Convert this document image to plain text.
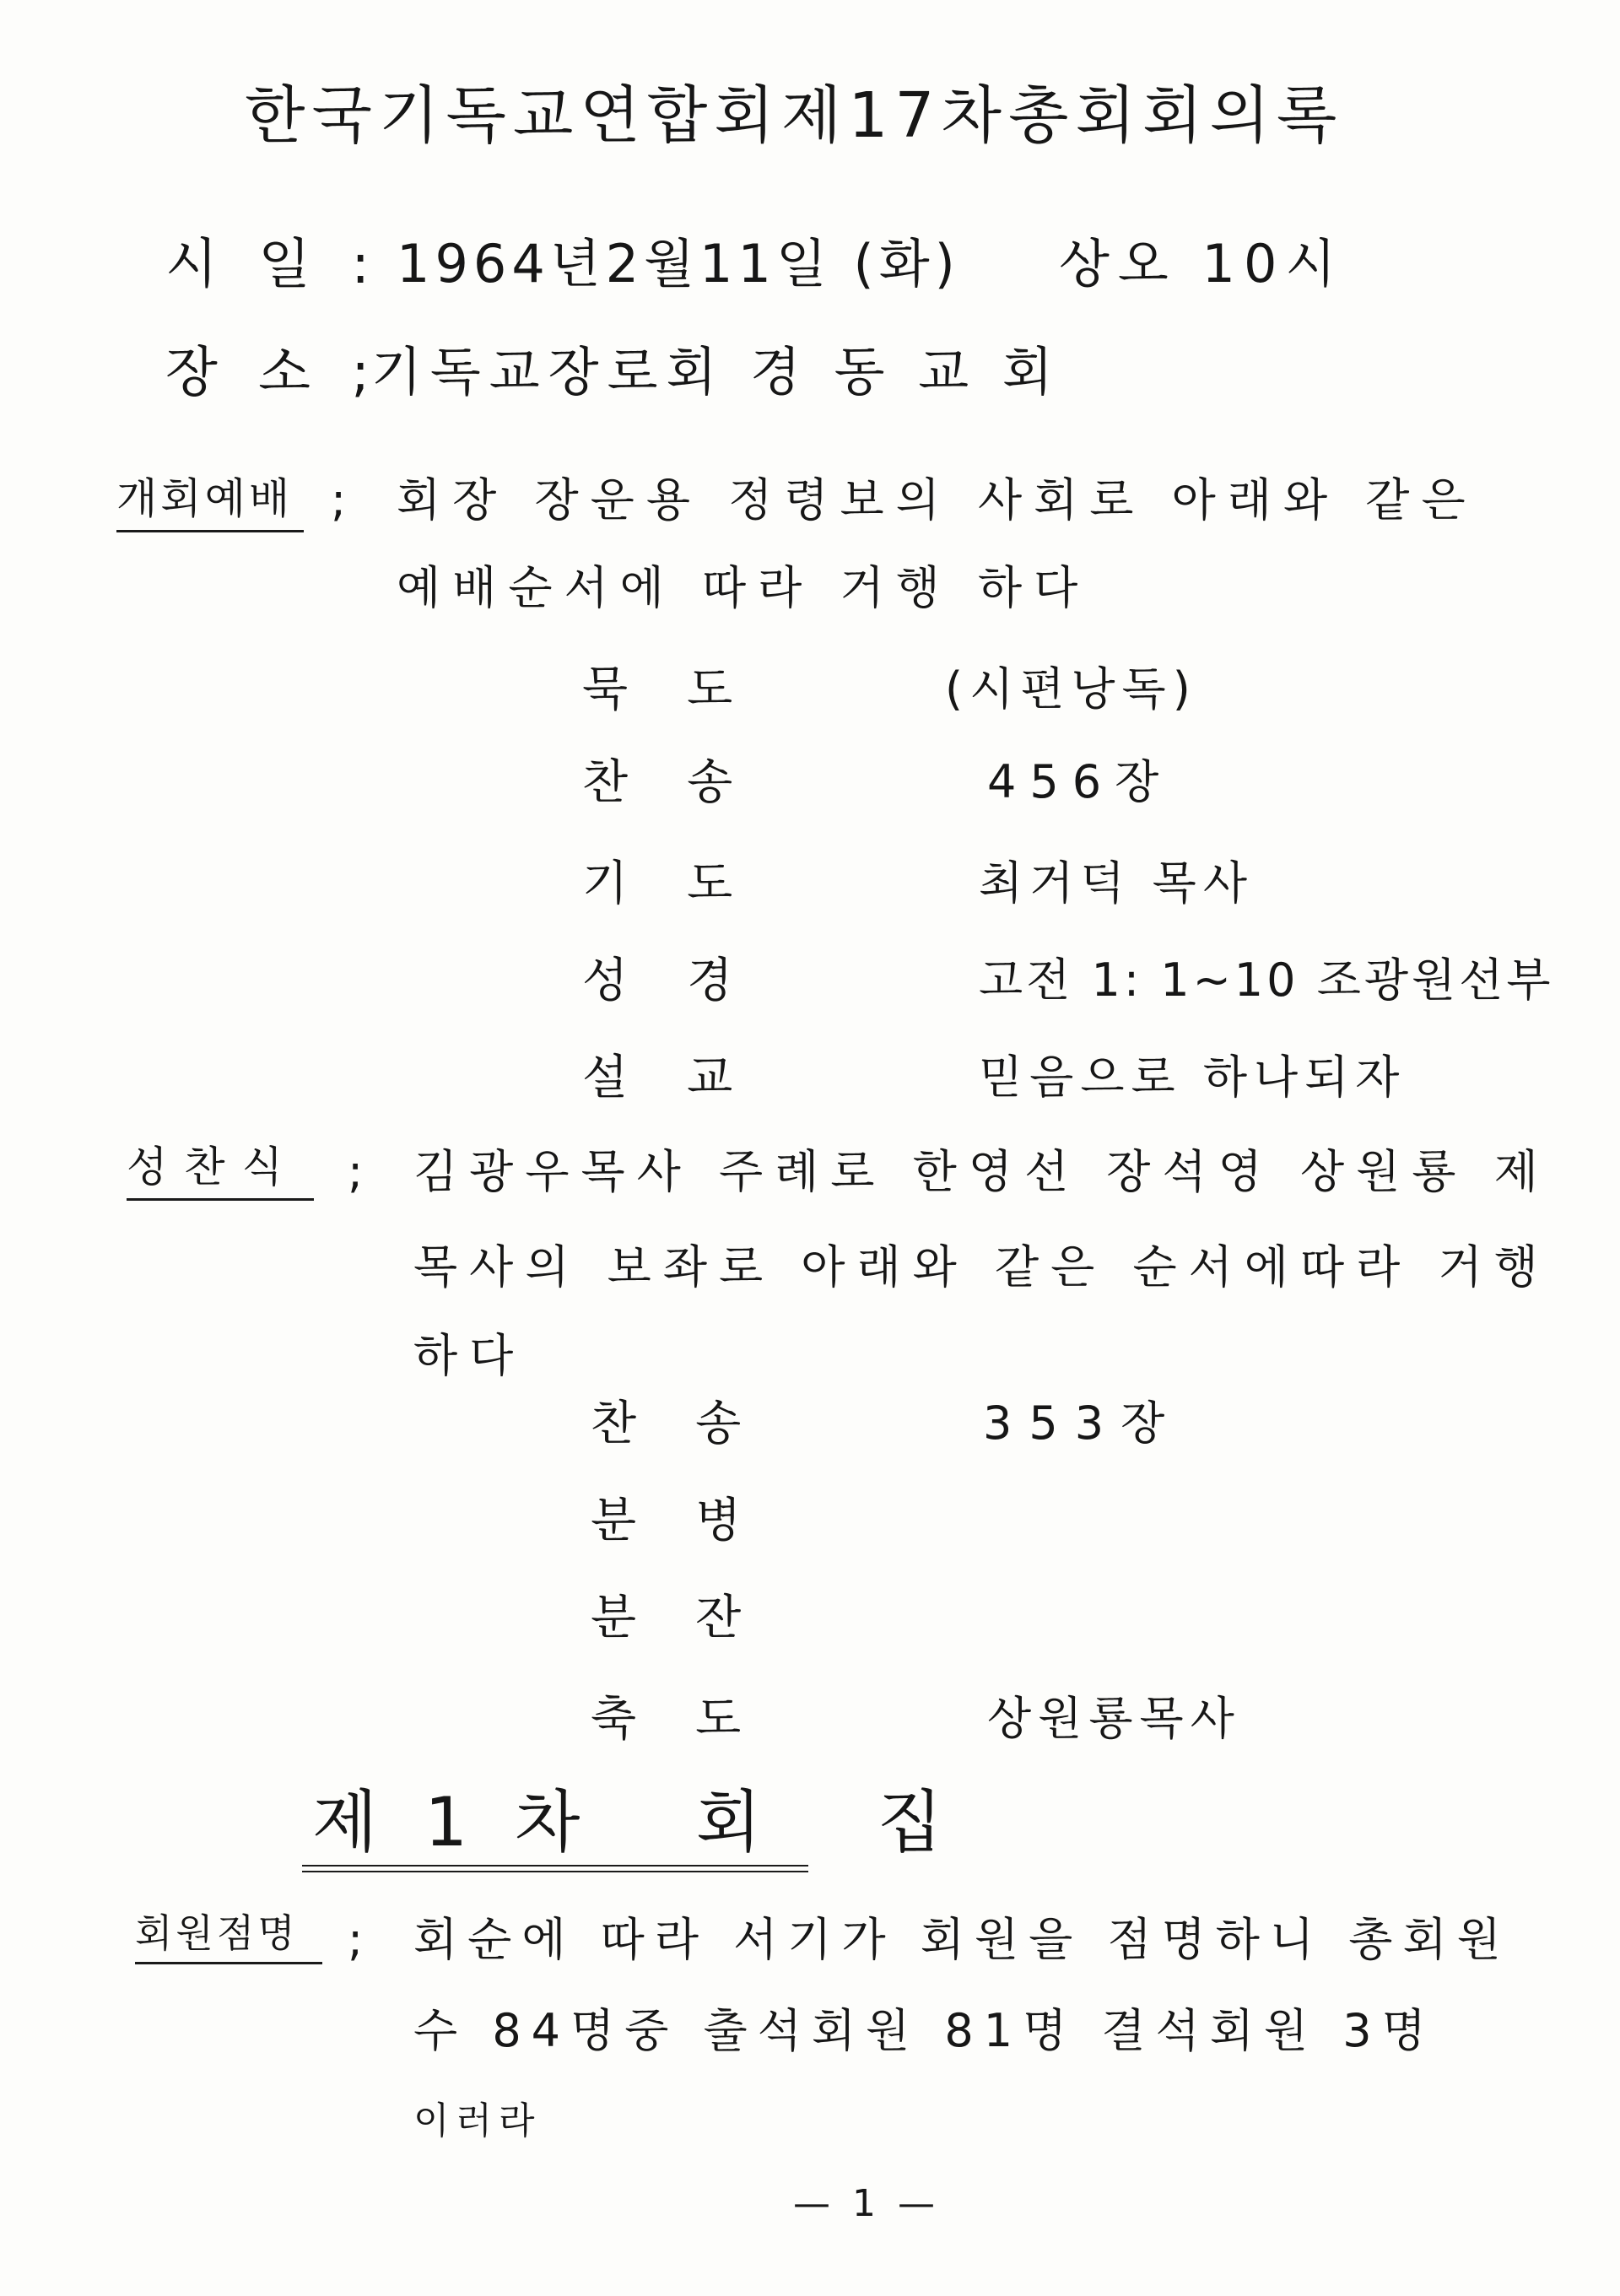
한국기독교연합회제17차총회회의록
시 일 : 1964년2월11일 (화) 상오 10시
장 소 ;
기독교장로회 경 동 교 회
개회예배 ; 회장 장운용 정령보의 사회로 아래와 같은
예배순서에 따라 거행 하다
묵도	(시편낭독)
찬송	456장
기도	최거덕 목사
성경	고전 1: 1~10 조광원선부
설교	믿음으로 하나되자
성찬식 ; 김광우목사 주례로 한영선 장석영 상원룡 제
목사의 보좌로 아래와 같은 순서에따라 거행
하다
찬송	353장
분병
분잔
축도	상원룡목사
제1차 회 집
회원점명 ; 회순에 따라 서기가 회원을 점명하니 총회원
수 84명중 출석회원 81명 결석회원 3명
이러라
— 1 —
